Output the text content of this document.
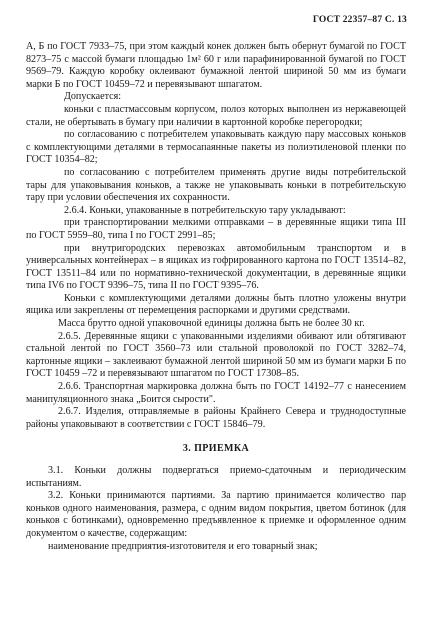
ГОСТ 22357–87 С. 13

А, Б по ГОСТ 7933–75, при этом каждый конек должен быть обернут бумагой по ГОСТ 8273–75 с массой бумаги площадью 1м² 60 г или парафинированной бумагой по ГОСТ 9569–79. Каждую коробку оклеивают бумажной лентой шириной 50 мм из бумаги марки Б по ГОСТ 10459–72 и перевязывают шпагатом.

Допускается:

коньки с пластмассовым корпусом, полоз которых выполнен из нержавеющей стали, не обертывать в бумагу при наличии в картонной коробке перегородки;

по согласованию с потребителем упаковывать каждую пару массовых коньков с комплектующими деталями в термосапаянные пакеты из полиэтиленовой пленки по ГОСТ 10354–82;

по согласованию с потребителем применять другие виды потребительской тары для упаковывания коньков, а также не упаковывать коньки в потребительскую тару при условии обеспечения их сохранности.

2.6.4. Коньки, упакованные в потребительскую тару укладывают:

при транспортировании мелкими отправками – в деревянные ящики типа III по ГОСТ 5959–80, типа I по ГОСТ 2991–85;

при внутригородских перевозках автомобильным транспортом и в универсальных контейнерах – в ящиках из гофрированного картона по ГОСТ 13514–82, ГОСТ 13511–84 или по нормативно-технической документации, в деревянные ящики типа IV6 по ГОСТ 9396–75, типа II по ГОСТ 9395–76.

Коньки с комплектующими деталями должны быть плотно уложены внутри ящика или закреплены от перемещения распорками и другими средствами.

Масса брутто одной упаковочной единицы должна быть не более 30 кг.

2.6.5. Деревянные ящики с упакованными изделиями обивают или обтягивают стальной лентой по ГОСТ 3560–73 или стальной проволокой по ГОСТ 3282–74, картонные ящики – заклеивают бумажной лентой шириной 50 мм из бумаги марки Б по ГОСТ 10459 –72 и перевязывают шпагатом по ГОСТ 17308–85.

2.6.6. Транспортная маркировка должна быть по ГОСТ 14192–77 с нанесением манипуляционного знака „Боится сырости".

2.6.7. Изделия, отправляемые в районы Крайнего Севера и труднодоступные районы упаковывают в соответствии с ГОСТ 15846–79.

3. ПРИЕМКА

3.1. Коньки должны подвергаться приемо-сдаточным и периодическим испытаниям.

3.2. Коньки принимаются партиями. За партию принимается количество пар коньков одного наименования, размера, с одним видом покрытия, цветом ботинок (для коньков с ботинками), одновременно предъявленное к приемке и оформленное одним документом о качестве, содержащим:

наименование предприятия-изготовителя и его товарный знак;
